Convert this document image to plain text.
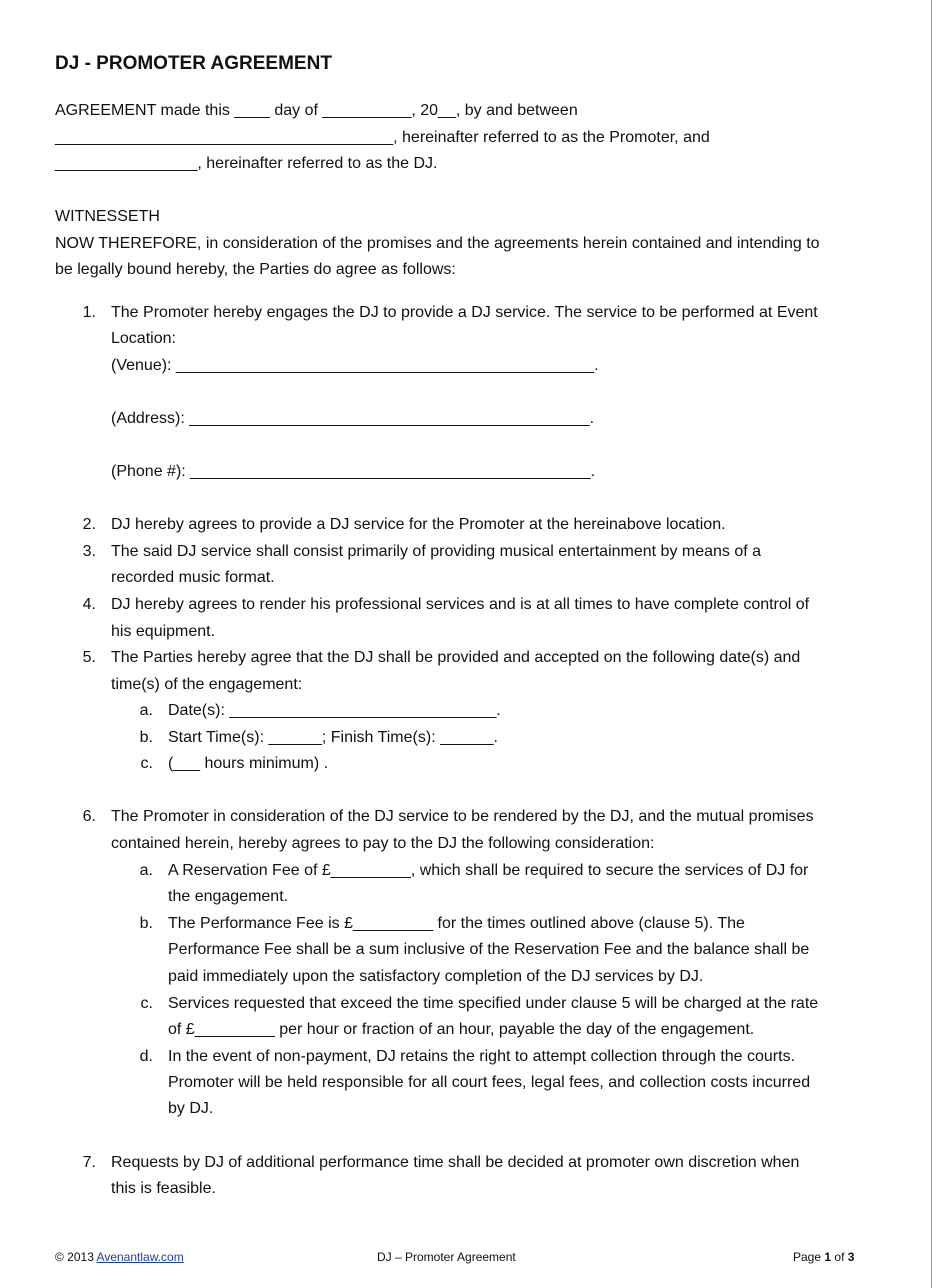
DJ - PROMOTER AGREEMENT
AGREEMENT made this ____ day of __________, 20__, by and between
______________________________________, hereinafter referred to as the Promoter, and
________________, hereinafter referred to as the DJ.
WITNESSETH
NOW THEREFORE, in consideration of the promises and the agreements herein contained and intending to
be legally bound hereby, the Parties do agree as follows:
1. The Promoter hereby engages the DJ to provide a DJ service. The service to be performed at Event
Location:
(Venue): _______________________________________________.
(Address): _____________________________________________.
(Phone #): _____________________________________________.
2. DJ hereby agrees to provide a DJ service for the Promoter at the hereinabove location.
3. The said DJ service shall consist primarily of providing musical entertainment by means of a
recorded music format.
4. DJ hereby agrees to render his professional services and is at all times to have complete control of
his equipment.
5. The Parties hereby agree that the DJ shall be provided and accepted on the following date(s) and
time(s) of the engagement:
a. Date(s): ______________________________.
b. Start Time(s): ______; Finish Time(s): ______.
c. (___ hours minimum) .
6. The Promoter in consideration of the DJ service to be rendered by the DJ, and the mutual promises
contained herein, hereby agrees to pay to the DJ the following consideration:
a. A Reservation Fee of £_________, which shall be required to secure the services of DJ for
the engagement.
b. The Performance Fee is £_________ for the times outlined above (clause 5). The
Performance Fee shall be a sum inclusive of the Reservation Fee and the balance shall be
paid immediately upon the satisfactory completion of the DJ services by DJ.
c. Services requested that exceed the time specified under clause 5 will be charged at the rate
of £_________ per hour or fraction of an hour, payable the day of the engagement.
d. In the event of non-payment, DJ retains the right to attempt collection through the courts.
Promoter will be held responsible for all court fees, legal fees, and collection costs incurred
by DJ.
7. Requests by DJ of additional performance time shall be decided at promoter own discretion when
this is feasible.
© 2013 Avenantlaw.com	DJ – Promoter Agreement	Page 1 of 3
